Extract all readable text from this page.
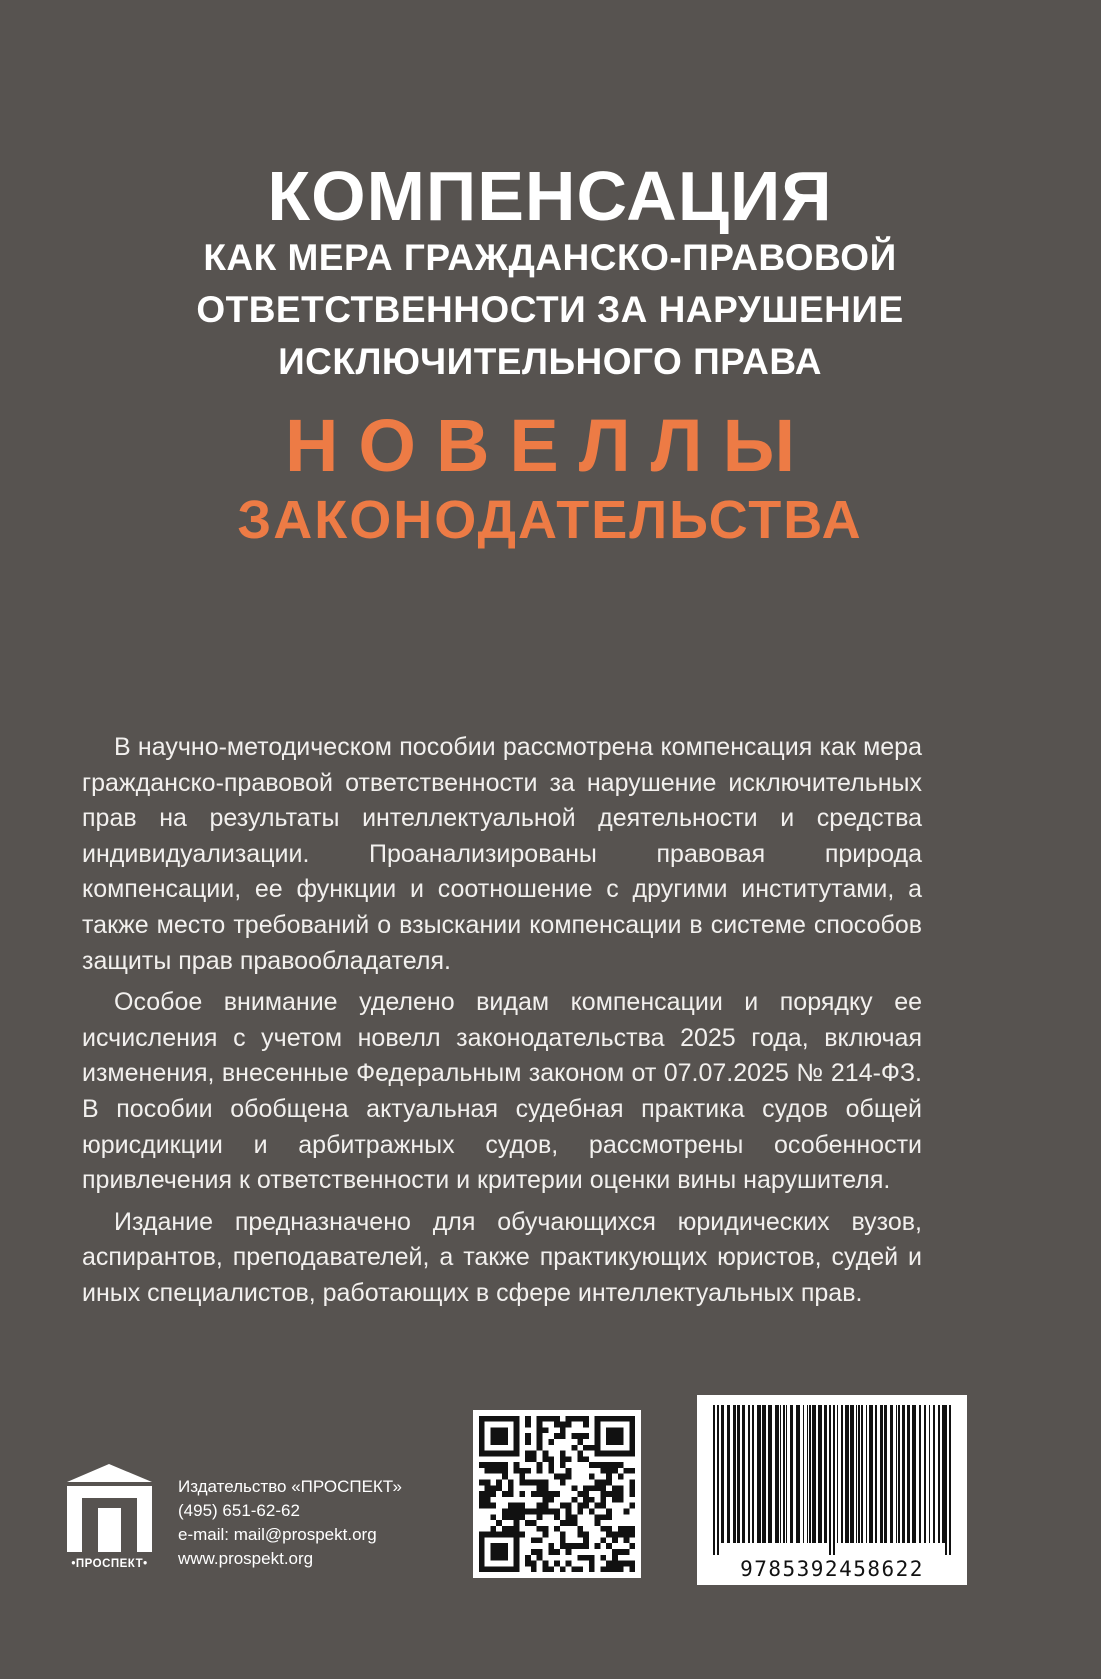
КОМПЕНСАЦИЯ
КАК МЕРА ГРАЖДАНСКО-ПРАВОВОЙ
ОТВЕТСТВЕННОСТИ ЗА НАРУШЕНИЕ
ИСКЛЮЧИТЕЛЬНОГО ПРАВА
НОВЕЛЛЫ
ЗАКОНОДАТЕЛЬСТВА

В научно-методическом пособии рассмотрена компенсация как мера гражданско-правовой ответственности за нарушение исключительных прав на результаты интеллектуальной деятельности и средства индивидуализации. Проанализированы правовая природа компенсации, ее функции и соотношение с другими институтами, а также место требований о взыскании компенсации в системе способов защиты прав правообладателя.

Особое внимание уделено видам компенсации и порядку ее исчисления с учетом новелл законодательства 2025 года, включая изменения, внесенные Федеральным законом от 07.07.2025 № 214-ФЗ. В пособии обобщена актуальная судебная практика судов общей юрисдикции и арбитражных судов, рассмотрены особенности привлечения к ответственности и критерии оценки вины нарушителя.

Издание предназначено для обучающихся юридических вузов, аспирантов, преподавателей, а также практикующих юристов, судей и иных специалистов, работающих в сфере интеллектуальных прав.

•ПРОСПЕКТ•
Издательство «ПРОСПЕКТ»
(495) 651-62-62
e-mail: mail@prospekt.org
www.prospekt.org	9785392458622
